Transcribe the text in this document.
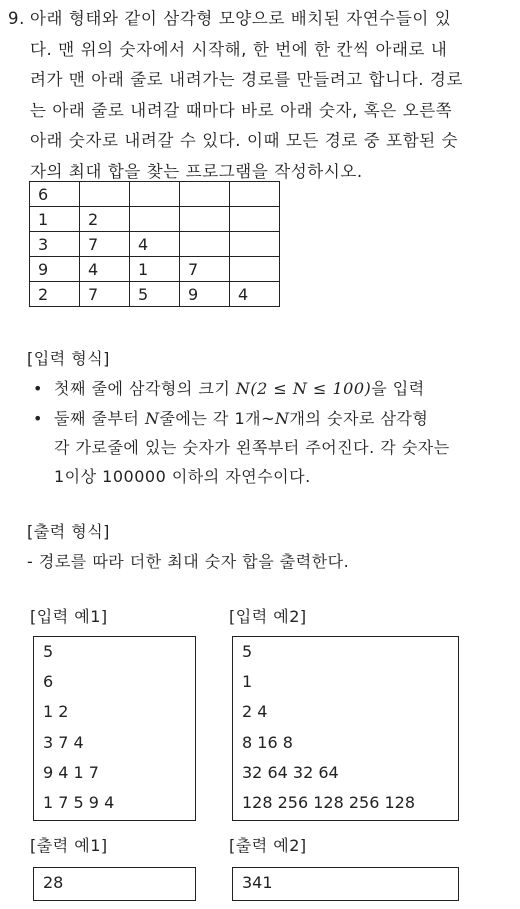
9. 아래 형태와 같이 삼각형 모양으로 배치된 자연수들이 있
다. 맨 위의 숫자에서 시작해, 한 번에 한 칸씩 아래로 내
려가 맨 아래 줄로 내려가는 경로를 만들려고 합니다. 경로
는 아래 줄로 내려갈 때마다 바로 아래 숫자, 혹은 오른쪽
아래 숫자로 내려갈 수 있다. 이때 모든 경로 중 포함된 숫
자의 최대 합을 찾는 프로그램을 작성하시오.
6				
1	2			
3	7	4		
9	4	1	7	
2	7	5	9	4
[입력 형식]
• 첫째 줄에 삼각형의 크기 N(2 ≤ N ≤ 100)을 입력
• 둘째 줄부터 N줄에는 각 1개~N개의 숫자로 삼각형
각 가로줄에 있는 숫자가 왼쪽부터 주어진다. 각 숫자는
1이상 100000 이하의 자연수이다.
[출력 형식]
- 경로를 따라 더한 최대 숫자 합을 출력한다.
[입력 예1]
5
6
1 2
3 7 4
9 4 1 7
1 7 5 9 4
[출력 예1]
28
[입력 예2]
5
1
2 4
8 16 8
32 64 32 64
128 256 128 256 128
[출력 예2]
341
